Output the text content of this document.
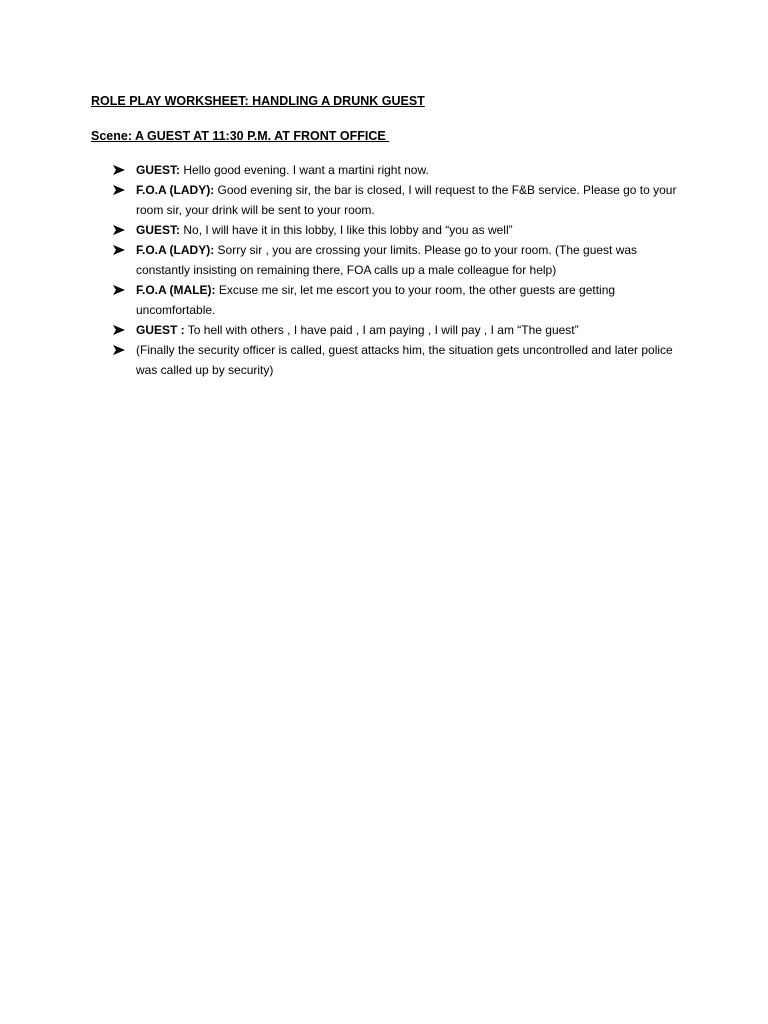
ROLE PLAY WORKSHEET: HANDLING A DRUNK GUEST
Scene: A GUEST AT 11:30 P.M. AT FRONT OFFICE
GUEST: Hello good evening. I want a martini right now.
F.O.A (LADY): Good evening sir, the bar is closed, I will request to the F&B service. Please go to your room sir, your drink will be sent to your room.
GUEST: No, I will have it in this lobby, I like this lobby and “you as well”
F.O.A (LADY): Sorry sir , you are crossing your limits. Please go to your room. (The guest was constantly insisting on remaining there, FOA calls up a male colleague for help)
F.O.A (MALE): Excuse me sir, let me escort you to your room, the other guests are getting uncomfortable.
GUEST : To hell with others , I have paid , I am paying , I will pay , I am “The guest”
(Finally the security officer is called, guest attacks him, the situation gets uncontrolled and later police was called up by security)
